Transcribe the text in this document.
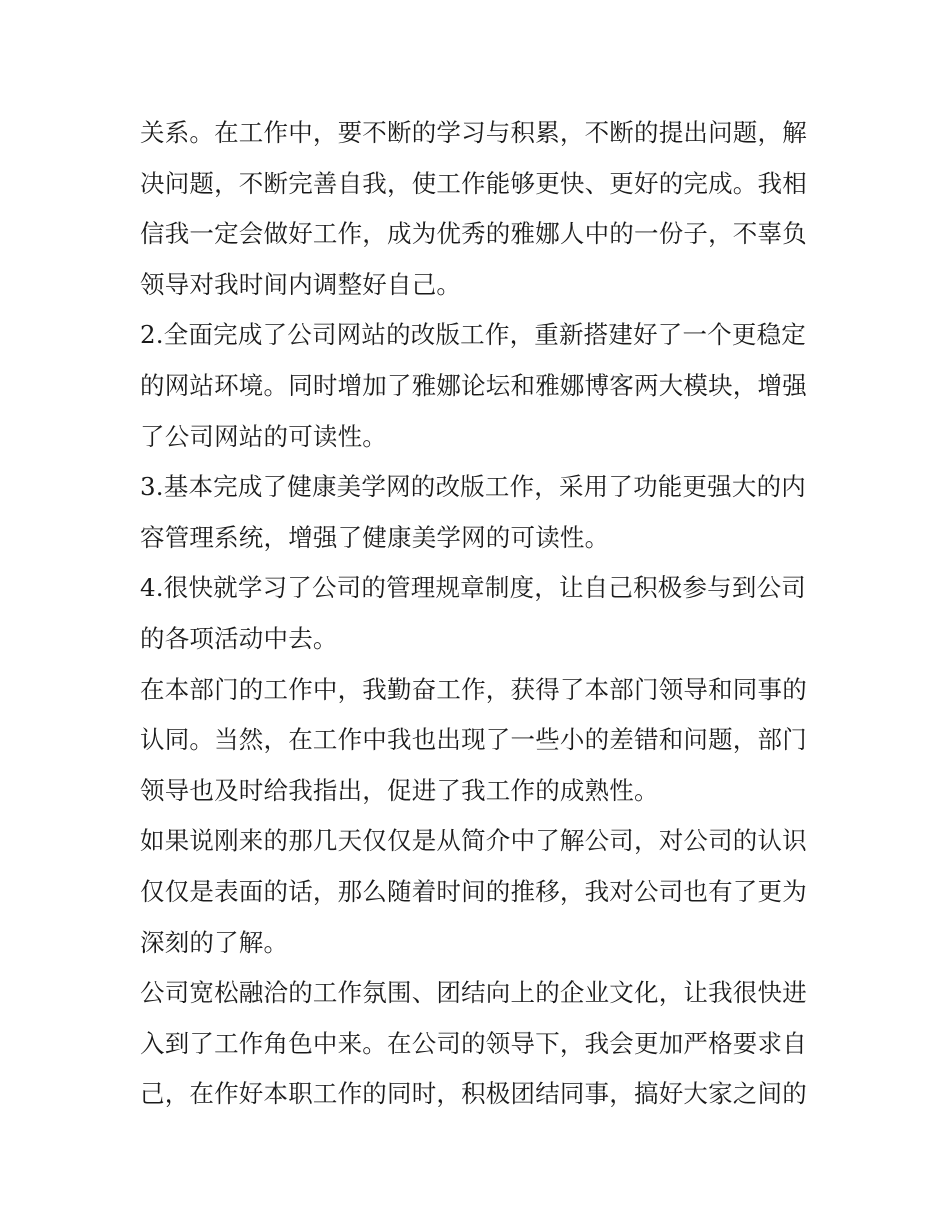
关系。在工作中，要不断的学习与积累，不断的提出问题，解
决问题，不断完善自我，使工作能够更快、更好的完成。我相
信我一定会做好工作，成为优秀的雅娜人中的一份子，不辜负
领导对我时间内调整好自己。
2.全面完成了公司网站的改版工作，重新搭建好了一个更稳定
的网站环境。同时增加了雅娜论坛和雅娜博客两大模块，增强
了公司网站的可读性。
3.基本完成了健康美学网的改版工作，采用了功能更强大的内
容管理系统，增强了健康美学网的可读性。
4.很快就学习了公司的管理规章制度，让自己积极参与到公司
的各项活动中去。
在本部门的工作中，我勤奋工作，获得了本部门领导和同事的
认同。当然，在工作中我也出现了一些小的差错和问题，部门
领导也及时给我指出，促进了我工作的成熟性。
如果说刚来的那几天仅仅是从简介中了解公司，对公司的认识
仅仅是表面的话，那么随着时间的推移，我对公司也有了更为
深刻的了解。
公司宽松融洽的工作氛围、团结向上的企业文化，让我很快进
入到了工作角色中来。在公司的领导下，我会更加严格要求自
己，在作好本职工作的同时，积极团结同事，搞好大家之间的
